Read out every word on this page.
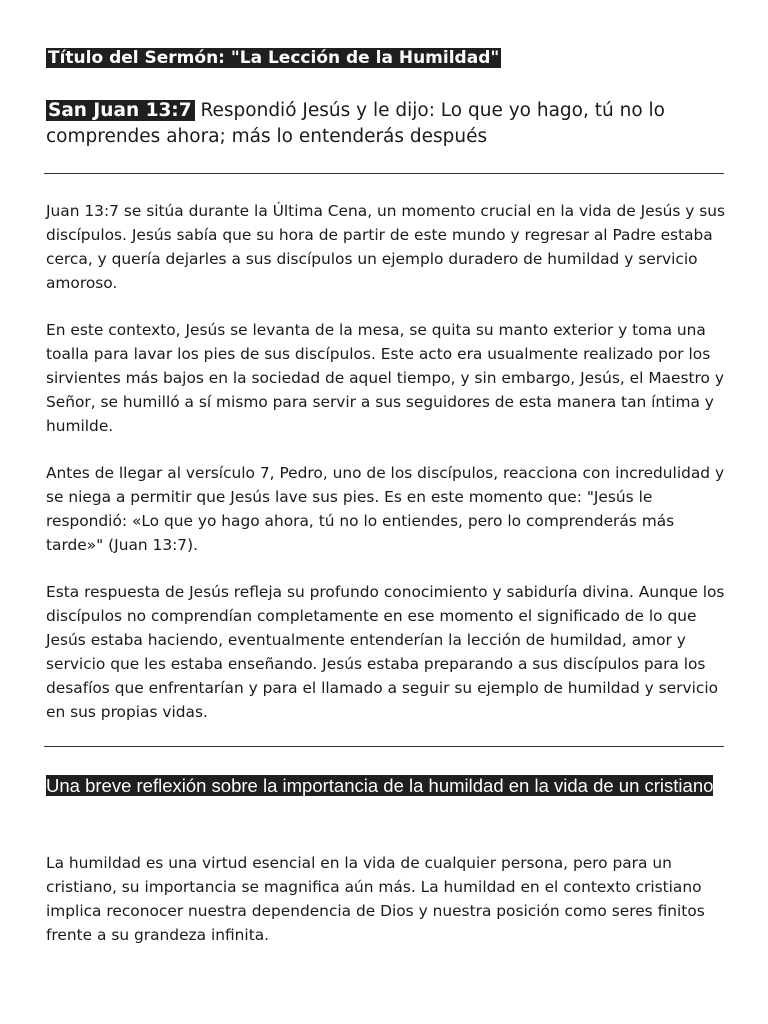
Título del Sermón: "La Lección de la Humildad"
San Juan 13:7 Respondió Jesús y le dijo: Lo que yo hago, tú no lo comprendes ahora; más lo entenderás después

Juan 13:7 se sitúa durante la Última Cena, un momento crucial en la vida de Jesús y sus discípulos. Jesús sabía que su hora de partir de este mundo y regresar al Padre estaba cerca, y quería dejarles a sus discípulos un ejemplo duradero de humildad y servicio amoroso.

En este contexto, Jesús se levanta de la mesa, se quita su manto exterior y toma una toalla para lavar los pies de sus discípulos. Este acto era usualmente realizado por los sirvientes más bajos en la sociedad de aquel tiempo, y sin embargo, Jesús, el Maestro y Señor, se humilló a sí mismo para servir a sus seguidores de esta manera tan íntima y humilde.

Antes de llegar al versículo 7, Pedro, uno de los discípulos, reacciona con incredulidad y se niega a permitir que Jesús lave sus pies. Es en este momento que: "Jesús le respondió: «Lo que yo hago ahora, tú no lo entiendes, pero lo comprenderás más tarde»" (Juan 13:7).

Esta respuesta de Jesús refleja su profundo conocimiento y sabiduría divina. Aunque los discípulos no comprendían completamente en ese momento el significado de lo que Jesús estaba haciendo, eventualmente entenderían la lección de humildad, amor y servicio que les estaba enseñando. Jesús estaba preparando a sus discípulos para los desafíos que enfrentarían y para el llamado a seguir su ejemplo de humildad y servicio en sus propias vidas.

Una breve reflexión sobre la importancia de la humildad en la vida de un cristiano

La humildad es una virtud esencial en la vida de cualquier persona, pero para un cristiano, su importancia se magnifica aún más. La humildad en el contexto cristiano implica reconocer nuestra dependencia de Dios y nuestra posición como seres finitos frente a su grandeza infinita.
